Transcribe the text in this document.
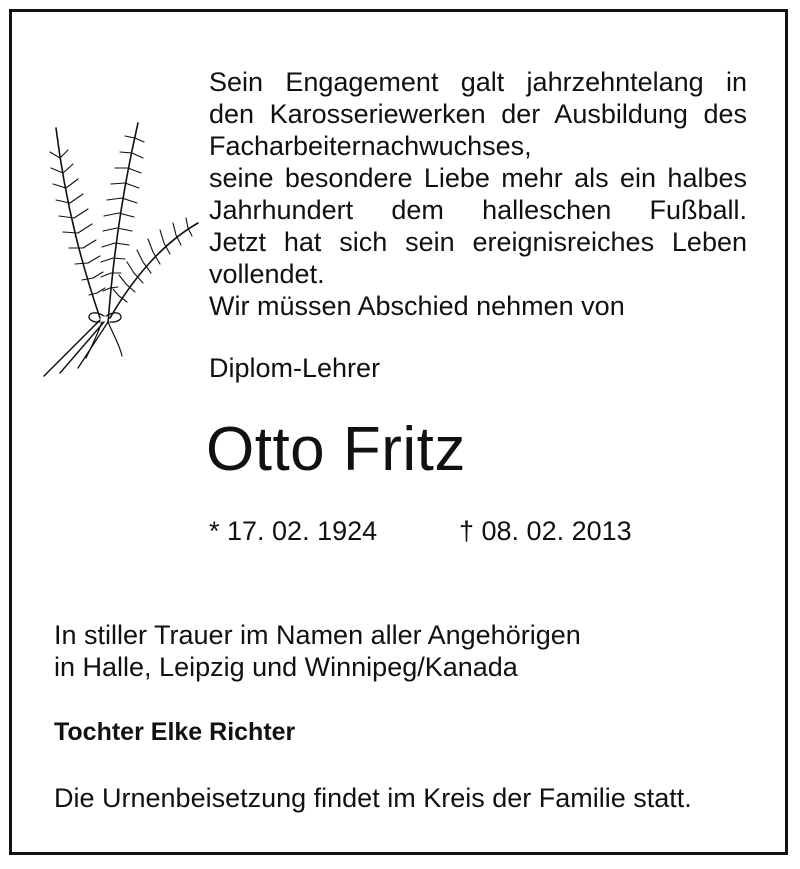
Sein Engagement galt jahrzehntelang in
den Karosseriewerken der Ausbildung des
Facharbeiternachwuchses,
seine besondere Liebe mehr als ein halbes
Jahrhundert dem halleschen Fußball.
Jetzt hat sich sein ereignisreiches Leben
vollendet.
Wir müssen Abschied nehmen von
Diplom-Lehrer
Otto Fritz
* 17. 02. 1924	† 08. 02. 2013
In stiller Trauer im Namen aller Angehörigen
in Halle, Leipzig und Winnipeg/Kanada
Tochter Elke Richter
Die Urnenbeisetzung findet im Kreis der Familie statt.
